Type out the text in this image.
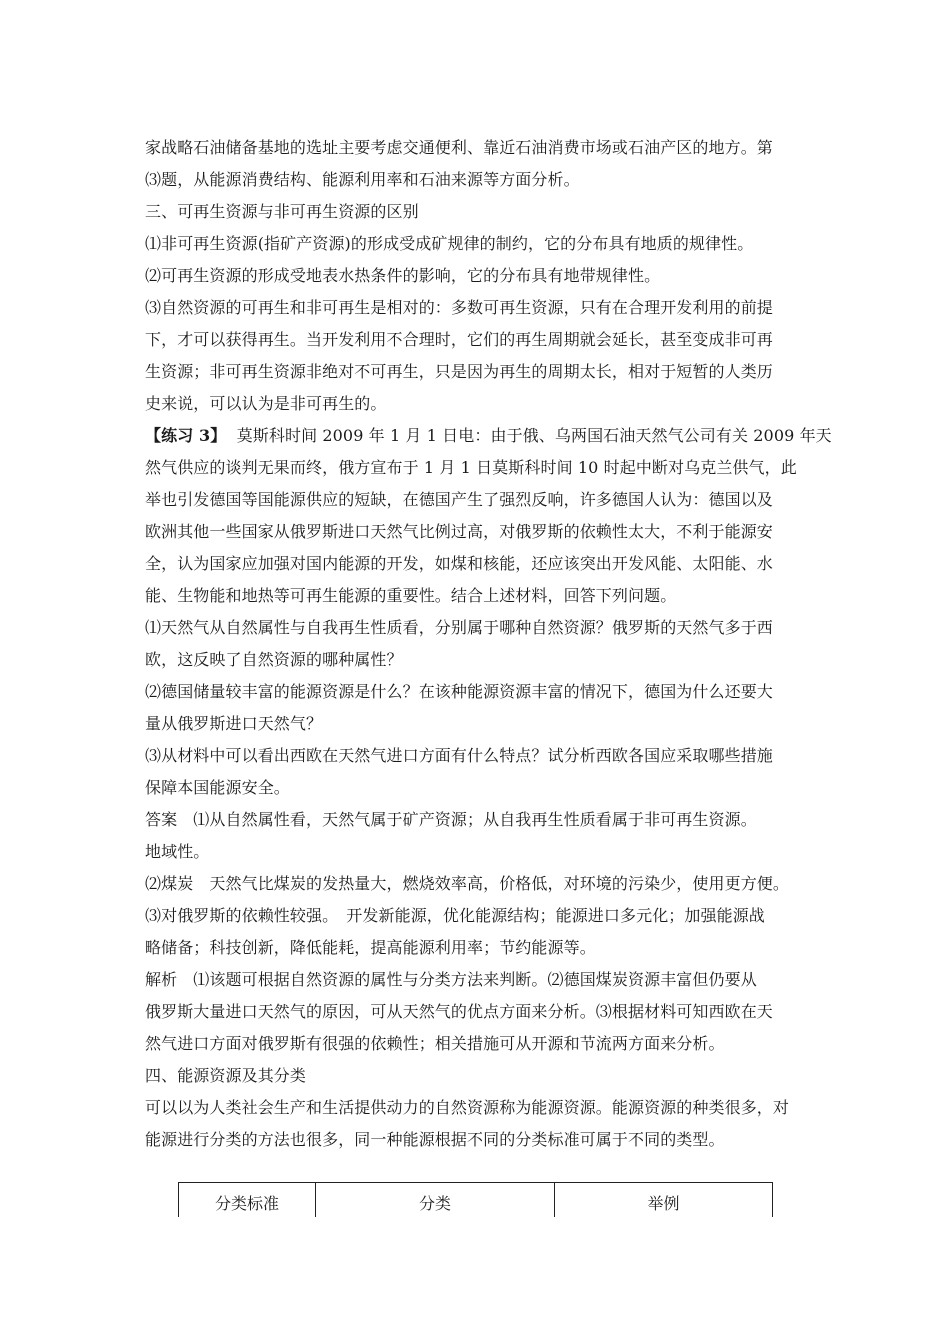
家战略石油储备基地的选址主要考虑交通便利、靠近石油消费市场或石油产区的地方。第
⑶题，从能源消费结构、能源利用率和石油来源等方面分析。
三、可再生资源与非可再生资源的区别
⑴非可再生资源(指矿产资源)的形成受成矿规律的制约，它的分布具有地质的规律性。
⑵可再生资源的形成受地表水热条件的影响，它的分布具有地带规律性。
⑶自然资源的可再生和非可再生是相对的：多数可再生资源，只有在合理开发利用的前提
下，才可以获得再生。当开发利用不合理时，它们的再生周期就会延长，甚至变成非可再
生资源；非可再生资源非绝对不可再生，只是因为再生的周期太长，相对于短暂的人类历
史来说，可以认为是非可再生的。
【练习 3】 莫斯科时间 2009 年 1 月 1 日电：由于俄、乌两国石油天然气公司有关 2009 年天
然气供应的谈判无果而终，俄方宣布于 1 月 1 日莫斯科时间 10 时起中断对乌克兰供气，此
举也引发德国等国能源供应的短缺，在德国产生了强烈反响，许多德国人认为：德国以及
欧洲其他一些国家从俄罗斯进口天然气比例过高，对俄罗斯的依赖性太大，不利于能源安
全，认为国家应加强对国内能源的开发，如煤和核能，还应该突出开发风能、太阳能、水
能、生物能和地热等可再生能源的重要性。结合上述材料，回答下列问题。
⑴天然气从自然属性与自我再生性质看，分别属于哪种自然资源？俄罗斯的天然气多于西
欧，这反映了自然资源的哪种属性？
⑵德国储量较丰富的能源资源是什么？在该种能源资源丰富的情况下，德国为什么还要大
量从俄罗斯进口天然气？
⑶从材料中可以看出西欧在天然气进口方面有什么特点？试分析西欧各国应采取哪些措施
保障本国能源安全。
答案　⑴从自然属性看，天然气属于矿产资源；从自我再生性质看属于非可再生资源。
地域性。
⑵煤炭　天然气比煤炭的发热量大，燃烧效率高，价格低，对环境的污染少，使用更方便。
⑶对俄罗斯的依赖性较强。　开发新能源，优化能源结构；能源进口多元化；加强能源战
略储备；科技创新，降低能耗，提高能源利用率；节约能源等。
解析　⑴该题可根据自然资源的属性与分类方法来判断。⑵德国煤炭资源丰富但仍要从
俄罗斯大量进口天然气的原因，可从天然气的优点方面来分析。⑶根据材料可知西欧在天
然气进口方面对俄罗斯有很强的依赖性；相关措施可从开源和节流两方面来分析。
四、能源资源及其分类
可以以为人类社会生产和生活提供动力的自然资源称为能源资源。能源资源的种类很多，对
能源进行分类的方法也很多，同一种能源根据不同的分类标准可属于不同的类型。
分类标准	分类	举例
